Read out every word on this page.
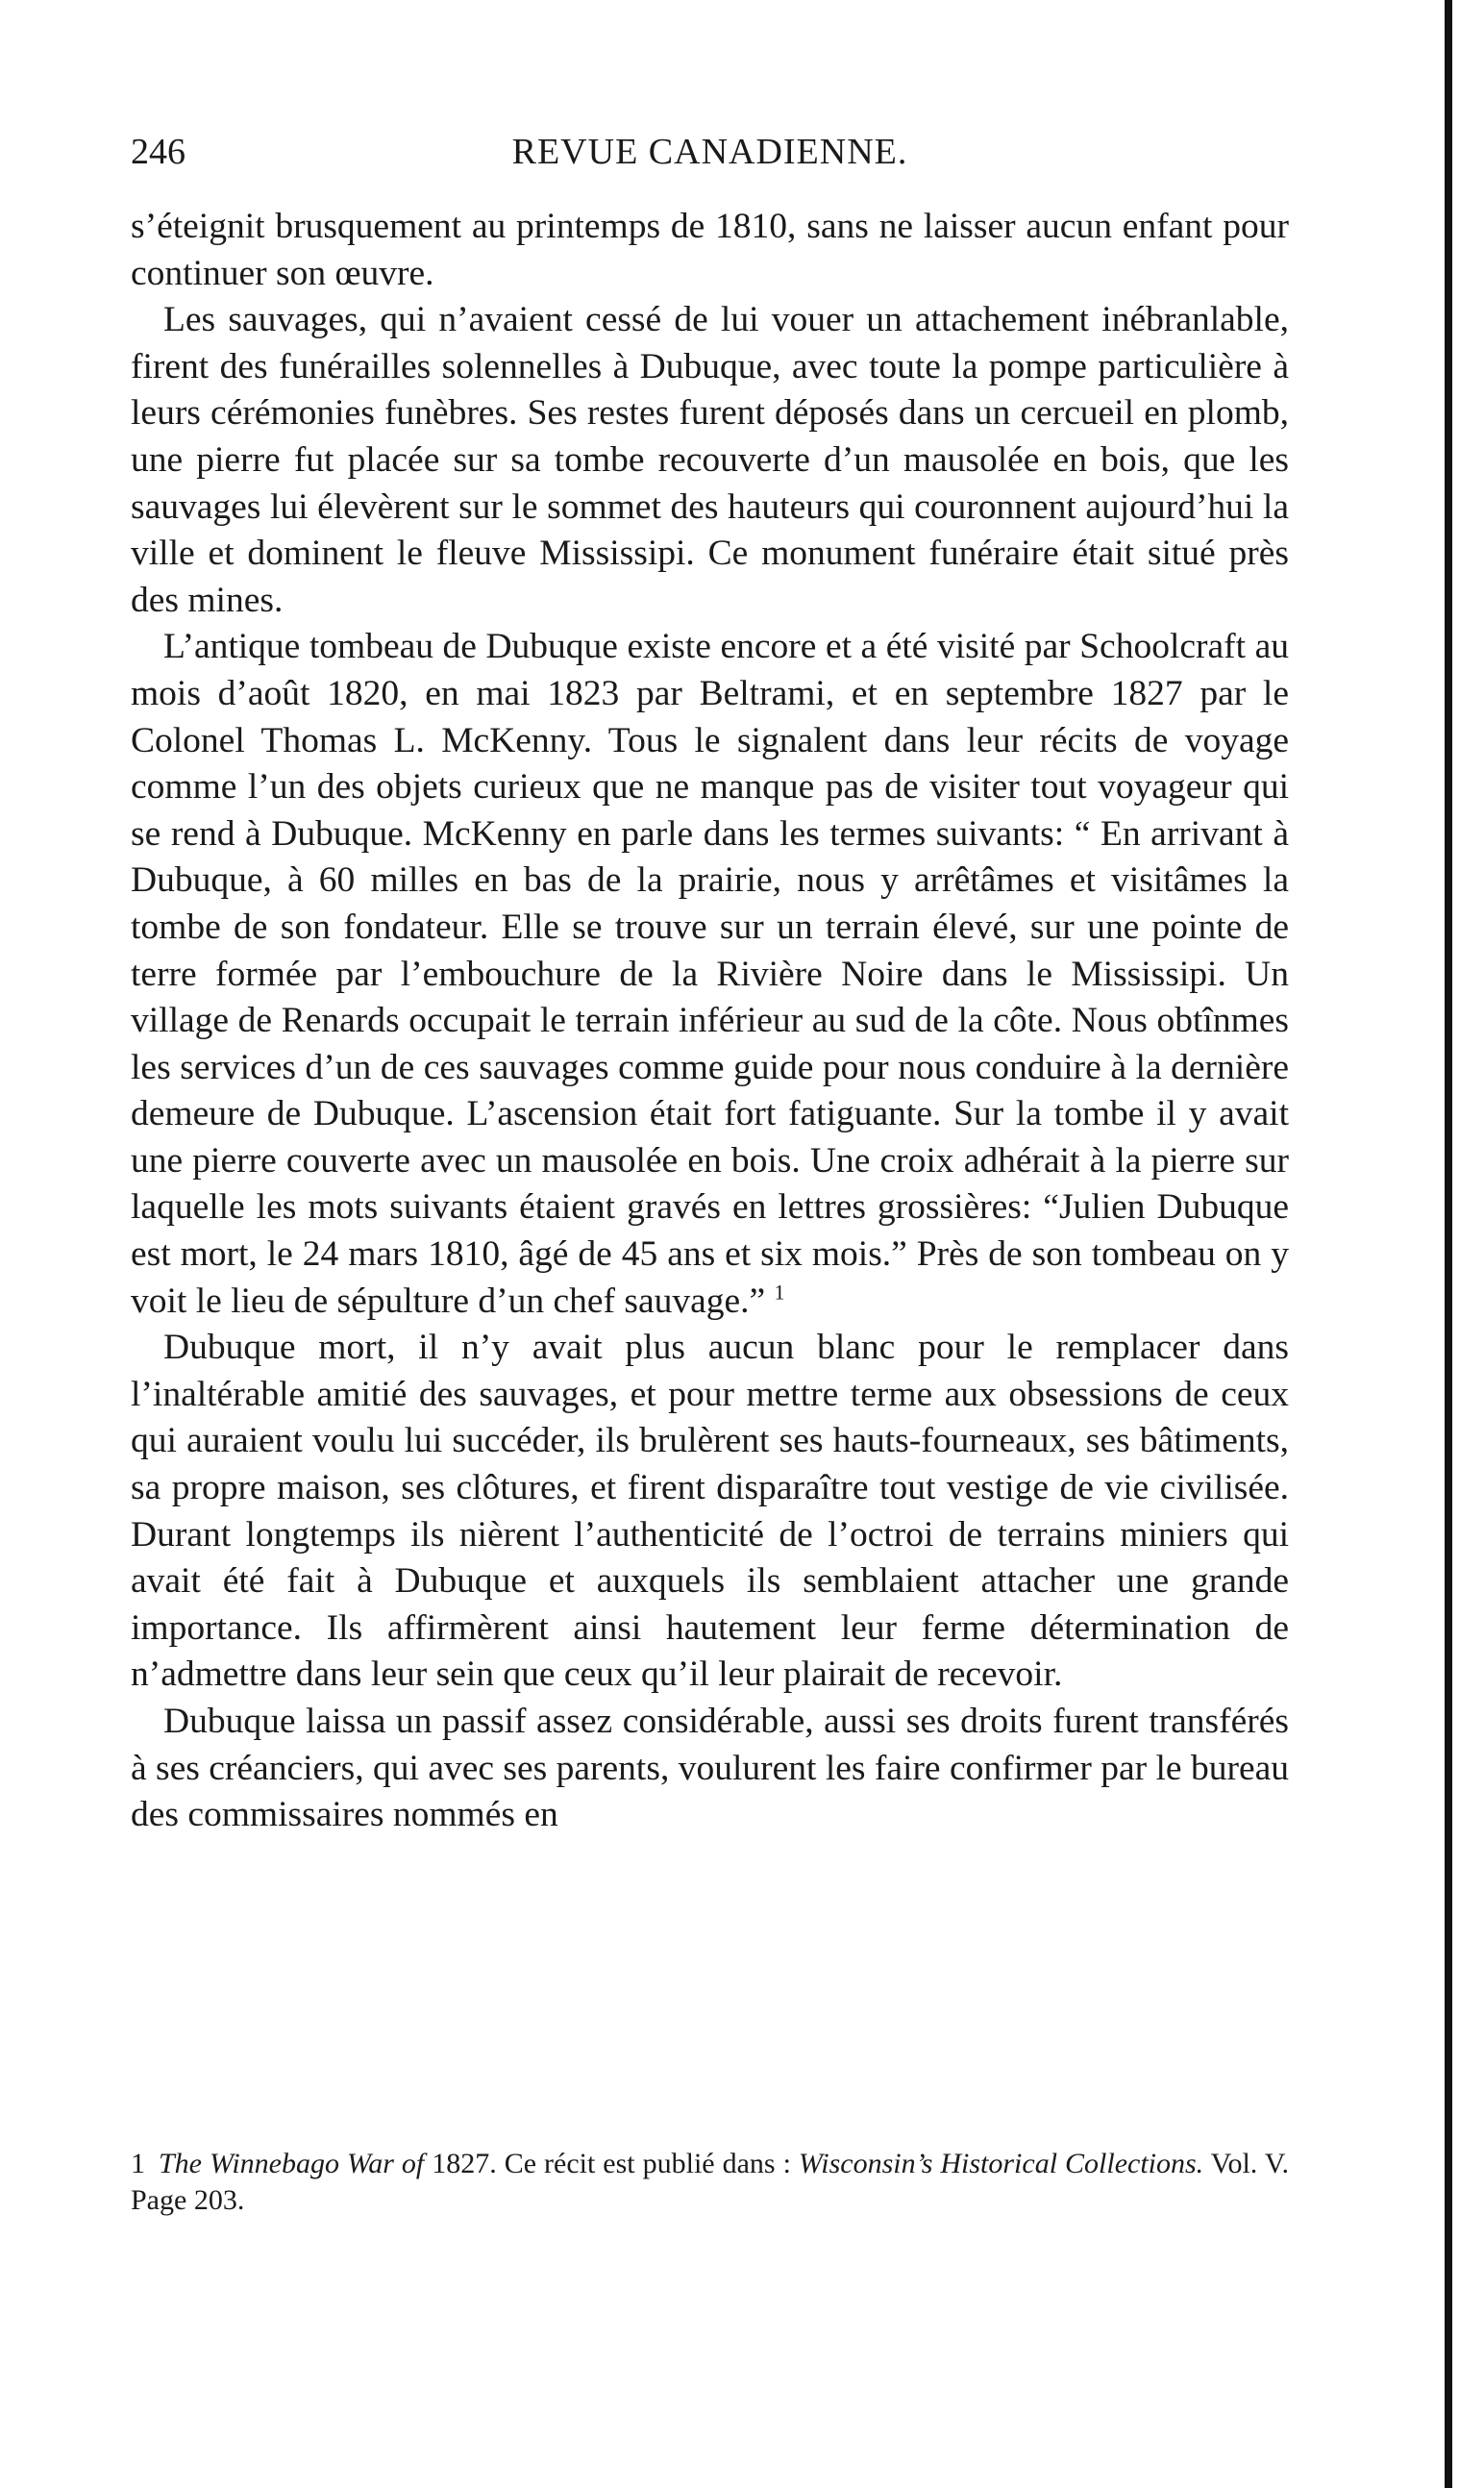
246	REVUE CANADIENNE.

s’éteignit brusquement au printemps de 1810, sans ne laisser aucun enfant pour continuer son œuvre.

Les sauvages, qui n’avaient cessé de lui vouer un attachement inébranlable, firent des funérailles solennelles à Dubuque, avec toute la pompe particulière à leurs cérémonies funèbres. Ses restes furent déposés dans un cercueil en plomb, une pierre fut placée sur sa tombe recouverte d’un mausolée en bois, que les sauvages lui élevèrent sur le sommet des hauteurs qui couronnent aujourd’hui la ville et dominent le fleuve Mississipi. Ce monument funéraire était situé près des mines.

L’antique tombeau de Dubuque existe encore et a été visité par Schoolcraft au mois d’août 1820, en mai 1823 par Beltrami, et en septembre 1827 par le Colonel Thomas L. McKenny. Tous le signalent dans leur récits de voyage comme l’un des objets curieux que ne manque pas de visiter tout voyageur qui se rend à Dubuque. McKenny en parle dans les termes suivants: “ En arrivant à Dubuque, à 60 milles en bas de la prairie, nous y arrêtâmes et visitâmes la tombe de son fondateur. Elle se trouve sur un terrain élevé, sur une pointe de terre formée par l’embouchure de la Rivière Noire dans le Mississipi. Un village de Renards occupait le terrain inférieur au sud de la côte. Nous obtînmes les services d’un de ces sauvages comme guide pour nous conduire à la dernière demeure de Dubuque. L’ascension était fort fatiguante. Sur la tombe il y avait une pierre couverte avec un mausolée en bois. Une croix adhérait à la pierre sur laquelle les mots suivants étaient gravés en lettres grossières: “Julien Dubuque est mort, le 24 mars 1810, âgé de 45 ans et six mois.” Près de son tombeau on y voit le lieu de sépulture d’un chef sauvage.” $^1$

Dubuque mort, il n’y avait plus aucun blanc pour le remplacer dans l’inaltérable amitié des sauvages, et pour mettre terme aux obsessions de ceux qui auraient voulu lui succéder, ils brulèrent ses hauts-fourneaux, ses bâtiments, sa propre maison, ses clôtures, et firent disparaître tout vestige de vie civilisée. Durant longtemps ils nièrent l’authenticité de l’octroi de terrains miniers qui avait été fait à Dubuque et auxquels ils semblaient attacher une grande importance. Ils affirmèrent ainsi hautement leur ferme détermination de n’admettre dans leur sein que ceux qu’il leur plairait de recevoir.

Dubuque laissa un passif assez considérable, aussi ses droits furent transférés à ses créanciers, qui avec ses parents, voulurent les faire confirmer par le bureau des commissaires nommés en

1 The Winnebago War of 1827. Ce récit est publié dans : Wisconsin’s Historical Collections. Vol. V. Page 203.
